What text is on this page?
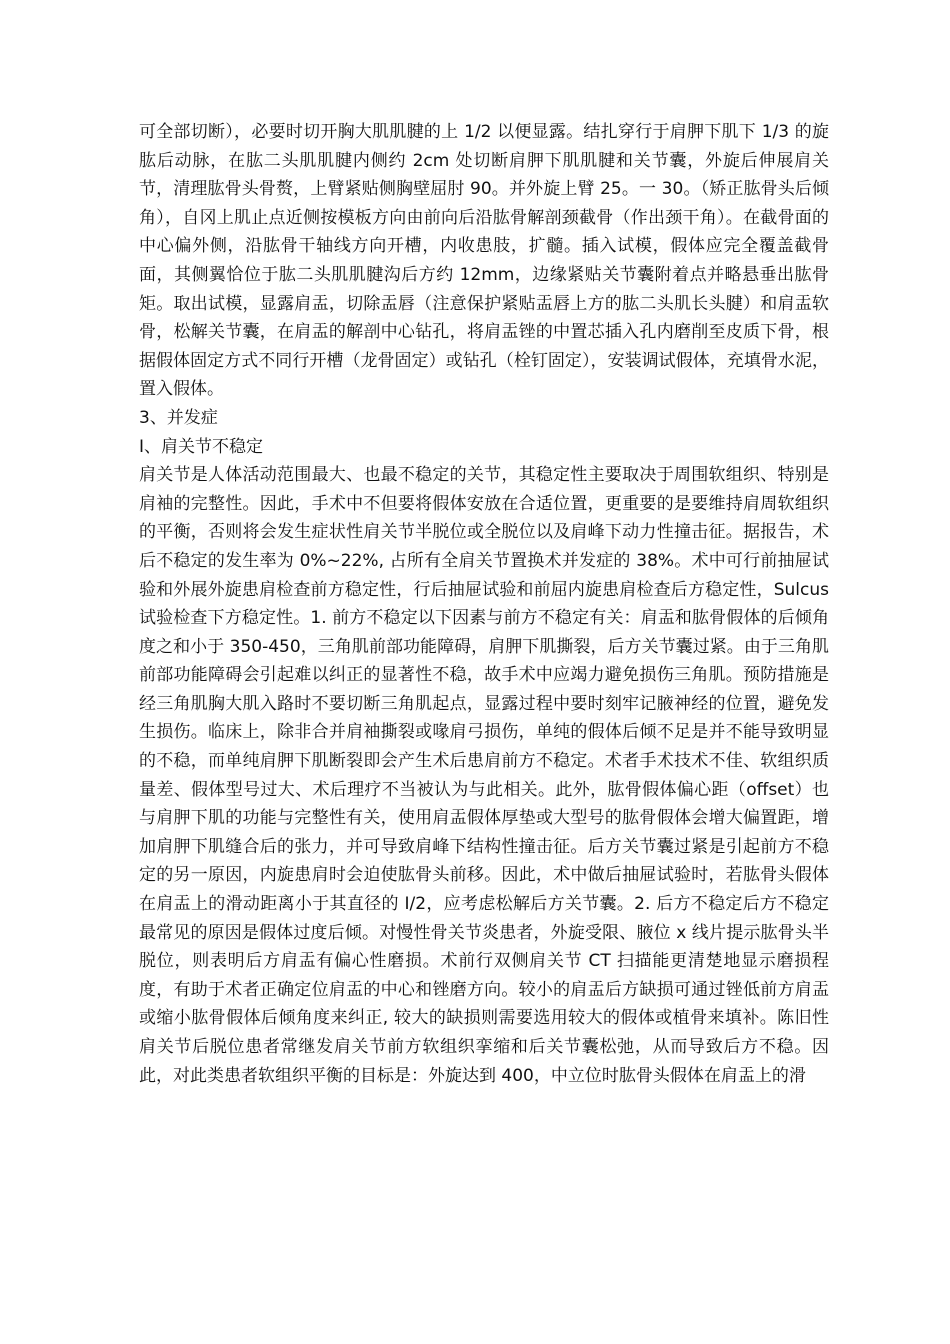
可全部切断），必要时切开胸大肌肌腱的上 1/2 以便显露。结扎穿行于肩胛下肌下 1/3 的旋肱后动脉，在肱二头肌肌腱内侧约 2cm 处切断肩胛下肌肌腱和关节囊，外旋后伸展肩关节，清理肱骨头骨赘，上臂紧贴侧胸壁屈肘 90。并外旋上臂 25。一 30。（矫正肱骨头后倾角），自冈上肌止点近侧按模板方向由前向后沿肱骨解剖颈截骨（作出颈干角）。在截骨面的中心偏外侧，沿肱骨干轴线方向开槽，内收患肢，扩髓。插入试模，假体应完全覆盖截骨面，其侧翼恰位于肱二头肌肌腱沟后方约 12mm，边缘紧贴关节囊附着点并略悬垂出肱骨矩。取出试模，显露肩盂，切除盂唇（注意保护紧贴盂唇上方的肱二头肌长头腱）和肩盂软骨，松解关节囊，在肩盂的解剖中心钻孔，将肩盂锉的中置芯插入孔内磨削至皮质下骨，根据假体固定方式不同行开槽（龙骨固定）或钻孔（栓钉固定），安装调试假体，充填骨水泥，置入假体。

3、并发症

I、肩关节不稳定

肩关节是人体活动范围最大、也最不稳定的关节，其稳定性主要取决于周围软组织、特别是肩袖的完整性。因此，手术中不但要将假体安放在合适位置，更重要的是要维持肩周软组织的平衡，否则将会发生症状性肩关节半脱位或全脱位以及肩峰下动力性撞击征。据报告，术后不稳定的发生率为 0%~22%, 占所有全肩关节置换术并发症的 38%。术中可行前抽屉试验和外展外旋患肩检查前方稳定性，行后抽屉试验和前屈内旋患肩检查后方稳定性，Sulcus 试验检查下方稳定性。1. 前方不稳定以下因素与前方不稳定有关：肩盂和肱骨假体的后倾角度之和小于 350-450，三角肌前部功能障碍，肩胛下肌撕裂，后方关节囊过紧。由于三角肌前部功能障碍会引起难以纠正的显著性不稳，故手术中应竭力避免损伤三角肌。预防措施是经三角肌胸大肌入路时不要切断三角肌起点，显露过程中要时刻牢记腋神经的位置，避免发生损伤。临床上，除非合并肩袖撕裂或喙肩弓损伤，单纯的假体后倾不足是并不能导致明显的不稳，而单纯肩胛下肌断裂即会产生术后患肩前方不稳定。术者手术技术不佳、软组织质量差、假体型号过大、术后理疗不当被认为与此相关。此外，肱骨假体偏心距（offset）也与肩胛下肌的功能与完整性有关，使用肩盂假体厚垫或大型号的肱骨假体会增大偏置距，增加肩胛下肌缝合后的张力，并可导致肩峰下结构性撞击征。后方关节囊过紧是引起前方不稳定的另一原因，内旋患肩时会迫使肱骨头前移。因此，术中做后抽屉试验时，若肱骨头假体在肩盂上的滑动距离小于其直径的 I/2，应考虑松解后方关节囊。2. 后方不稳定后方不稳定最常见的原因是假体过度后倾。对慢性骨关节炎患者，外旋受限、腋位 x 线片提示肱骨头半脱位，则表明后方肩盂有偏心性磨损。术前行双侧肩关节 CT 扫描能更清楚地显示磨损程度，有助于术者正确定位肩盂的中心和锉磨方向。较小的肩盂后方缺损可通过锉低前方肩盂或缩小肱骨假体后倾角度来纠正, 较大的缺损则需要选用较大的假体或植骨来填补。陈旧性肩关节后脱位患者常继发肩关节前方软组织挛缩和后关节囊松弛，从而导致后方不稳。因此，对此类患者软组织平衡的目标是：外旋达到 400，中立位时肱骨头假体在肩盂上的滑
